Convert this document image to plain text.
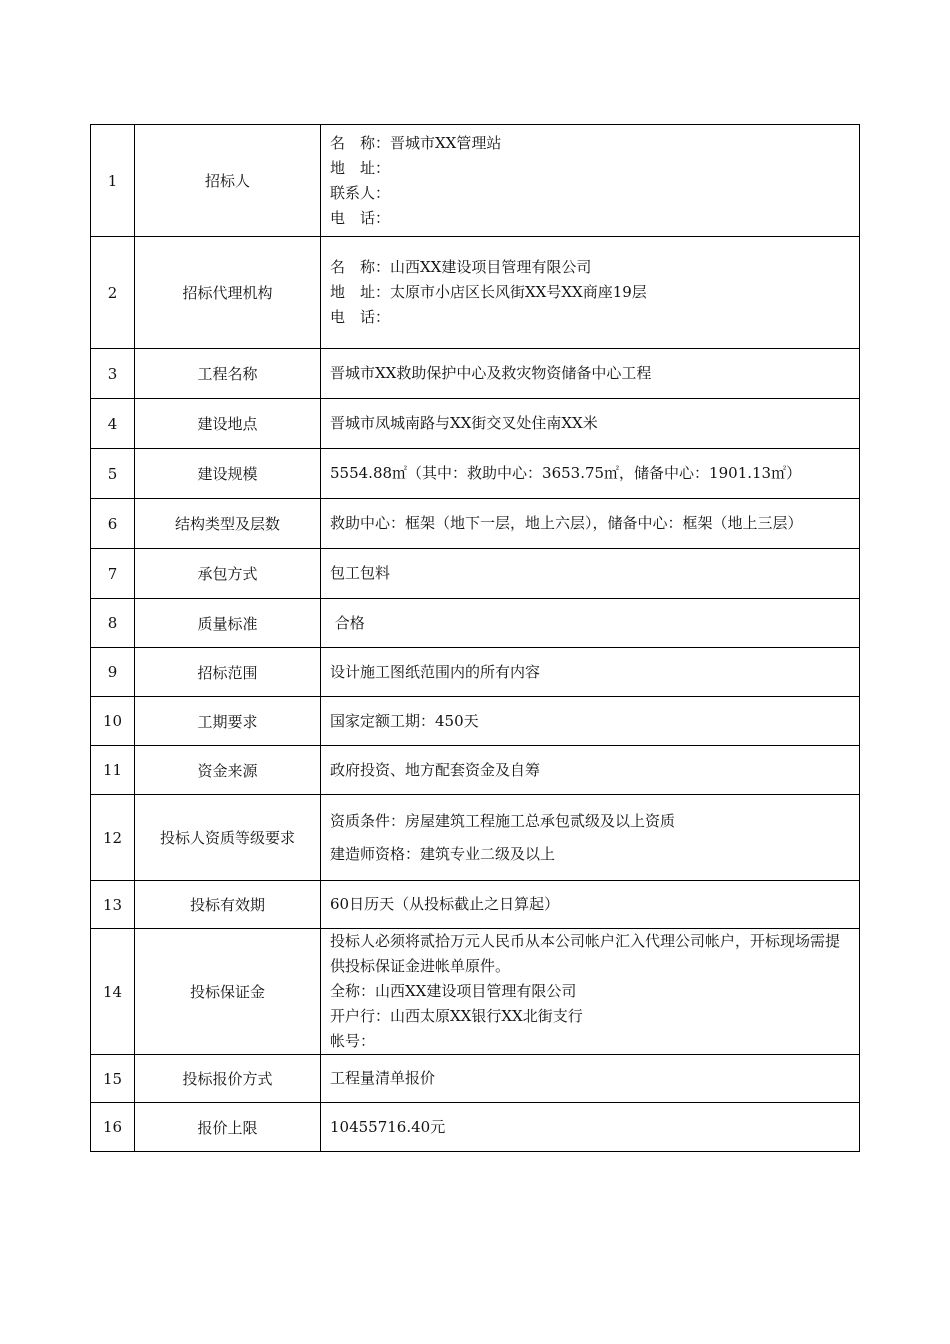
1	招标人	名　称：晋城市XX管理站
地　址：
联系人：
电　话：

2	招标代理机构	名　称：山西XX建设项目管理有限公司
地　址：太原市小店区长风街XX号XX商座19层
电　话：

3	工程名称	晋城市XX救助保护中心及救灾物资储备中心工程

4	建设地点	晋城市凤城南路与XX街交叉处住南XX米

5	建设规模	5554.88㎡（其中：救助中心：3653.75㎡，储备中心：1901.13㎡）

6	结构类型及层数	救助中心：框架（地下一层，地上六层），储备中心：框架（地上三层）

7	承包方式	包工包料

8	质量标准	合格

9	招标范围	设计施工图纸范围内的所有内容

10	工期要求	国家定额工期：450天

11	资金来源	政府投资、地方配套资金及自筹

12	投标人资质等级要求	资质条件：房屋建筑工程施工总承包贰级及以上资质
建造师资格：建筑专业二级及以上

13	投标有效期	60日历天（从投标截止之日算起）

14	投标保证金	投标人必须将贰拾万元人民币从本公司帐户汇入代理公司帐户，开标现场需提供投标保证金进帐单原件。
全称：山西XX建设项目管理有限公司
开户行：山西太原XX银行XX北街支行
帐号：

15	投标报价方式	工程量清单报价

16	报价上限	10455716.40元
